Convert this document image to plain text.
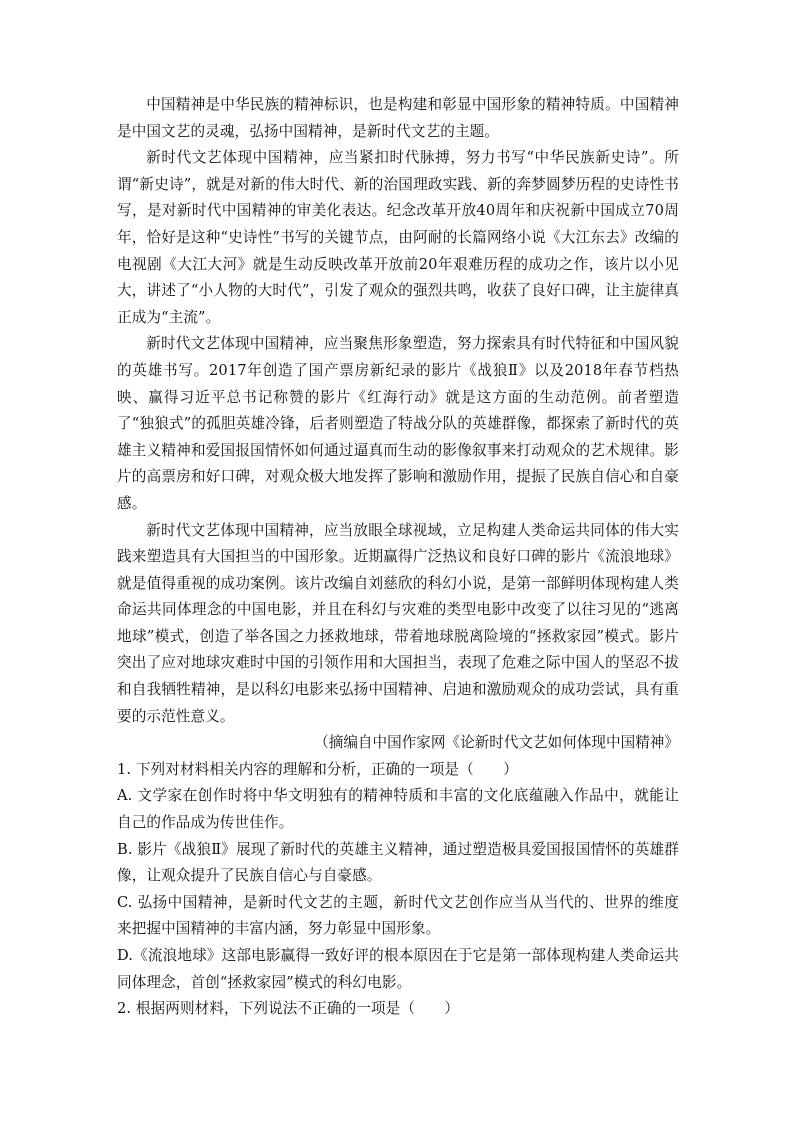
中国精神是中华民族的精神标识，也是构建和彰显中国形象的精神特质。中国精神是中国文艺的灵魂，弘扬中国精神，是新时代文艺的主题。

新时代文艺体现中国精神，应当紧扣时代脉搏，努力书写“中华民族新史诗”。所谓“新史诗”，就是对新的伟大时代、新的治国理政实践、新的奔梦圆梦历程的史诗性书写，是对新时代中国精神的审美化表达。纪念改革开放40周年和庆祝新中国成立70周年，恰好是这种“史诗性”书写的关键节点，由阿耐的长篇网络小说《大江东去》改编的电视剧《大江大河》就是生动反映改革开放前20年艰难历程的成功之作，该片以小见大，讲述了“小人物的大时代”，引发了观众的强烈共鸣，收获了良好口碑，让主旋律真正成为“主流”。

新时代文艺体现中国精神，应当聚焦形象塑造，努力探索具有时代特征和中国风貌的英雄书写。2017年创造了国产票房新纪录的影片《战狼Ⅱ》以及2018年春节档热映、赢得习近平总书记称赞的影片《红海行动》就是这方面的生动范例。前者塑造了“独狼式”的孤胆英雄冷锋，后者则塑造了特战分队的英雄群像，都探索了新时代的英雄主义精神和爱国报国情怀如何通过逼真而生动的影像叙事来打动观众的艺术规律。影片的高票房和好口碑，对观众极大地发挥了影响和激励作用，提振了民族自信心和自豪感。

新时代文艺体现中国精神，应当放眼全球视域，立足构建人类命运共同体的伟大实践来塑造具有大国担当的中国形象。近期赢得广泛热议和良好口碑的影片《流浪地球》就是值得重视的成功案例。该片改编自刘慈欣的科幻小说，是第一部鲜明体现构建人类命运共同体理念的中国电影，并且在科幻与灾难的类型电影中改变了以往习见的“逃离地球”模式，创造了举各国之力拯救地球，带着地球脱离险境的“拯救家园”模式。影片突出了应对地球灾难时中国的引领作用和大国担当，表现了危难之际中国人的坚忍不拔和自我牺牲精神，是以科幻电影来弘扬中国精神、启迪和激励观众的成功尝试，具有重要的示范性意义。

（摘编自中国作家网《论新时代文艺如何体现中国精神》

1. 下列对材料相关内容的理解和分析，正确的一项是（　　）

A. 文学家在创作时将中华文明独有的精神特质和丰富的文化底蕴融入作品中，就能让自己的作品成为传世佳作。

B. 影片《战狼Ⅱ》展现了新时代的英雄主义精神，通过塑造极具爱国报国情怀的英雄群像，让观众提升了民族自信心与自豪感。

C. 弘扬中国精神，是新时代文艺的主题，新时代文艺创作应当从当代的、世界的维度来把握中国精神的丰富内涵，努力彰显中国形象。

D.《流浪地球》这部电影赢得一致好评的根本原因在于它是第一部体现构建人类命运共同体理念，首创“拯救家园”模式的科幻电影。

2. 根据两则材料，下列说法不正确的一项是（　　）
